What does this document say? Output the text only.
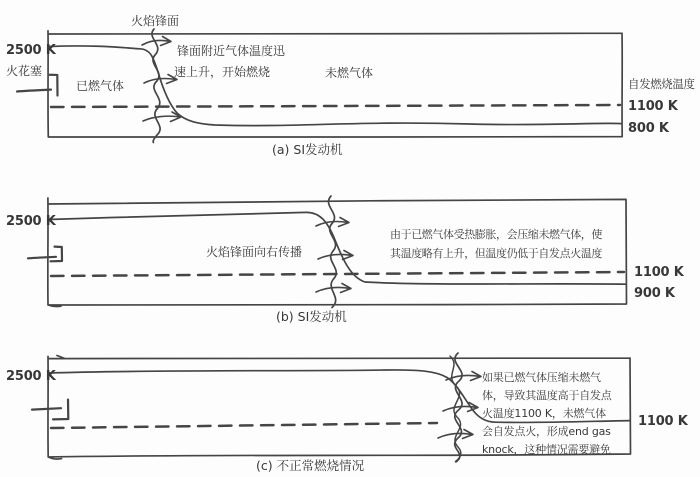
2500 K
火花塞
已燃气体
火焰锋面
锋面附近气体温度迅
速上升，开始燃烧	未燃气体
自发燃烧温度
1100 K
800 K
(a) SI发动机
2500 K
火焰锋面向右传播
由于已燃气体受热膨胀，会压缩未燃气体，使
其温度略有上升，但温度仍低于自发点火温度
1100 K
900 K
(b) SI发动机
2500 K	如果已燃气体压缩未燃气
体，导致其温度高于自发点
火温度1100 K，未燃气体
会自发点火，形成end gas
knock，这种情况需要避免
1100 K
(c) 不正常燃烧情况
